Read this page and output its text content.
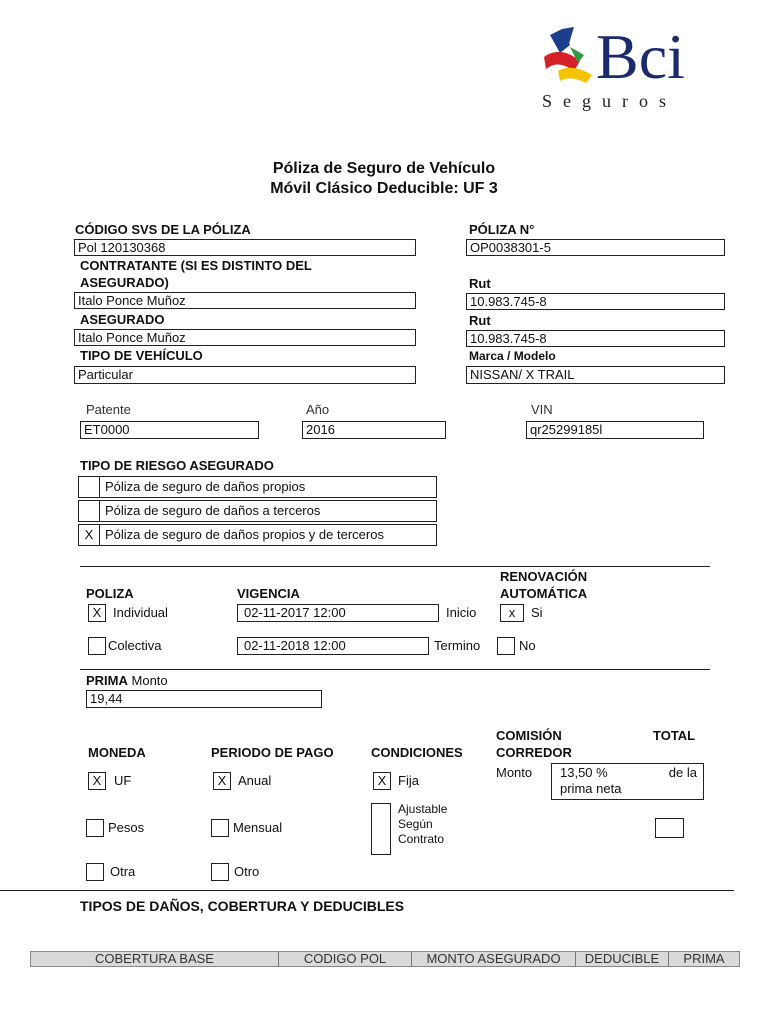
Bci
Seguros
Póliza de Seguro de Vehículo
Móvil Clásico Deducible: UF 3
CÓDIGO SVS DE LA PÓLIZA
Pol 120130368
CONTRATANTE (SI ES DISTINTO DEL
ASEGURADO)
Italo Ponce Muñoz
ASEGURADO
Italo Ponce Muñoz
TIPO DE VEHÍCULO
Particular
PÓLIZA N°
OP0038301-5
Rut
10.983.745-8
Rut
10.983.745-8
Marca / Modelo
NISSAN/ X TRAIL
Patente
ET0000
Año
2016
VIN
qr25299185l
TIPO DE RIESGO ASEGURADO
Póliza de seguro de daños propios
Póliza de seguro de daños a terceros
X Póliza de seguro de daños propios y de terceros
POLIZA
X Individual
Colectiva
VIGENCIA
02-11-2017 12:00	Inicio
02-11-2018 12:00	Termino
RENOVACIÓN
AUTOMÁTICA
x	Si
No
PRIMA Monto
19,44
MONEDA
X UF
Pesos
Otra
PERIODO DE PAGO
X Anual
Mensual
Otro
CONDICIONES
X Fija
Ajustable
Según
Contrato
COMISIÓN
CORREDOR
Monto 13,50 %	de la
prima neta
TOTAL
TIPOS DE DAÑOS, COBERTURA Y DEDUCIBLES
COBERTURA BASE	CODIGO POL	MONTO ASEGURADO	DEDUCIBLE	PRIMA
